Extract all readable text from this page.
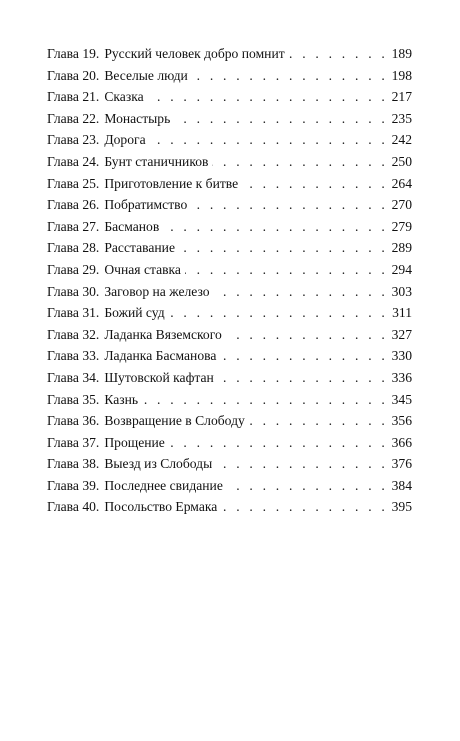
Глава 19. Русский человек добро помнит . . .	189
Глава 20. Веселые люди . . .	198
Глава 21. Сказка . . .	217
Глава 22. Монастырь . . .	235
Глава 23. Дорога . . .	242
Глава 24. Бунт станичников . . .	250
Глава 25. Приготовление к битве . . .	264
Глава 26. Побратимство . . .	270
Глава 27. Басманов . . .	279
Глава 28. Расставание . . .	289
Глава 29. Очная ставка . . .	294
Глава 30. Заговор на железо . . .	303
Глава 31. Божий суд . . .	311
Глава 32. Ладанка Вяземского . . .	327
Глава 33. Ладанка Басманова . . .	330
Глава 34. Шутовской кафтан . . .	336
Глава 35. Казнь . . .	345
Глава 36. Возвращение в Слободу . . .	356
Глава 37. Прощение . . .	366
Глава 38. Выезд из Слободы . . .	376
Глава 39. Последнее свидание . . .	384
Глава 40. Посольство Ермака . . .	395
